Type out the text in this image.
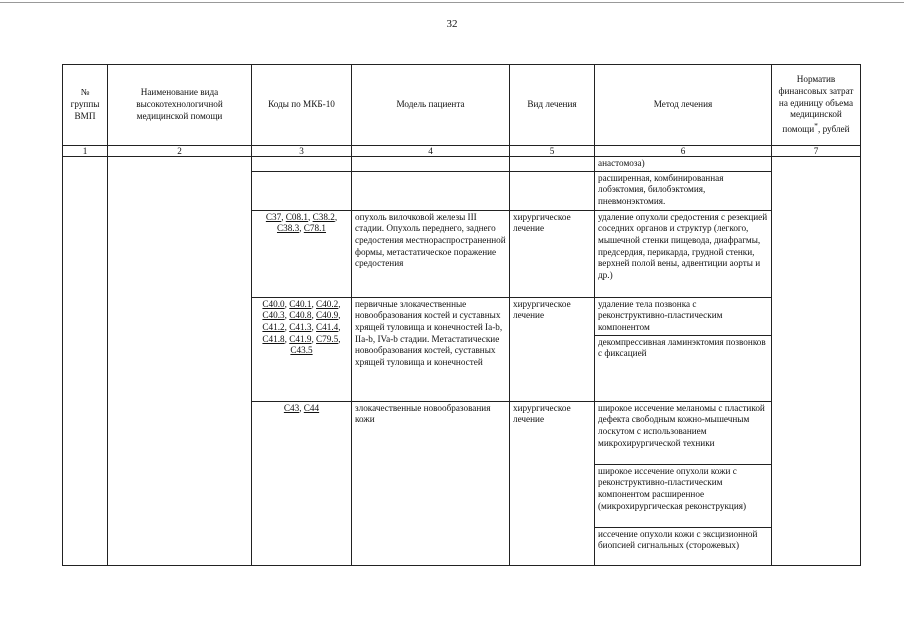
32
№ группы ВМП	Наименование вида высокотехнологичной медицинской помощи	Коды по МКБ-10	Модель пациента	Вид лечения	Метод лечения	Норматив финансовых затрат на единицу объема медицинской помощи*, рублей
1	2	3	4	5	6	7
					анастомоза)	
					расширенная, комбинированная лобэктомия, билобэктомия, пневмонэктомия.	
		C37, C08.1, C38.2, C38.3, C78.1	опухоль вилочковой железы III стадии. Опухоль переднего, заднего средостения местнораспространенной формы, метастатическое поражение средостения	хирургическое лечение	удаление опухоли средостения с резекцией соседних органов и структур (легкого, мышечной стенки пищевода, диафрагмы, предсердия, перикарда, грудной стенки, верхней полой вены, адвентиции аорты и др.)	
		C40.0, C40.1, C40.2, C40.3, C40.8, C40.9, C41.2, C41.3, C41.4, C41.8, C41.9, C79.5, C43.5	первичные злокачественные новообразования костей и суставных хрящей туловища и конечностей Ia-b, IIa-b, IVa-b стадии. Метастатические новообразования костей, суставных хрящей туловища и конечностей	хирургическое лечение	удаление тела позвонка с реконструктивно-пластическим компонентом	
					декомпрессивная ламинэктомия позвонков с фиксацией	
		C43, C44	злокачественные новообразования кожи	хирургическое лечение	широкое иссечение меланомы с пластикой дефекта свободным кожно-мышечным лоскутом с использованием микрохирургической техники	
					широкое иссечение опухоли кожи с реконструктивно-пластическим компонентом расширенное (микрохирургическая реконструкция)	
					иссечение опухоли кожи с эксцизионной биопсией сигнальных (сторожевых)	
